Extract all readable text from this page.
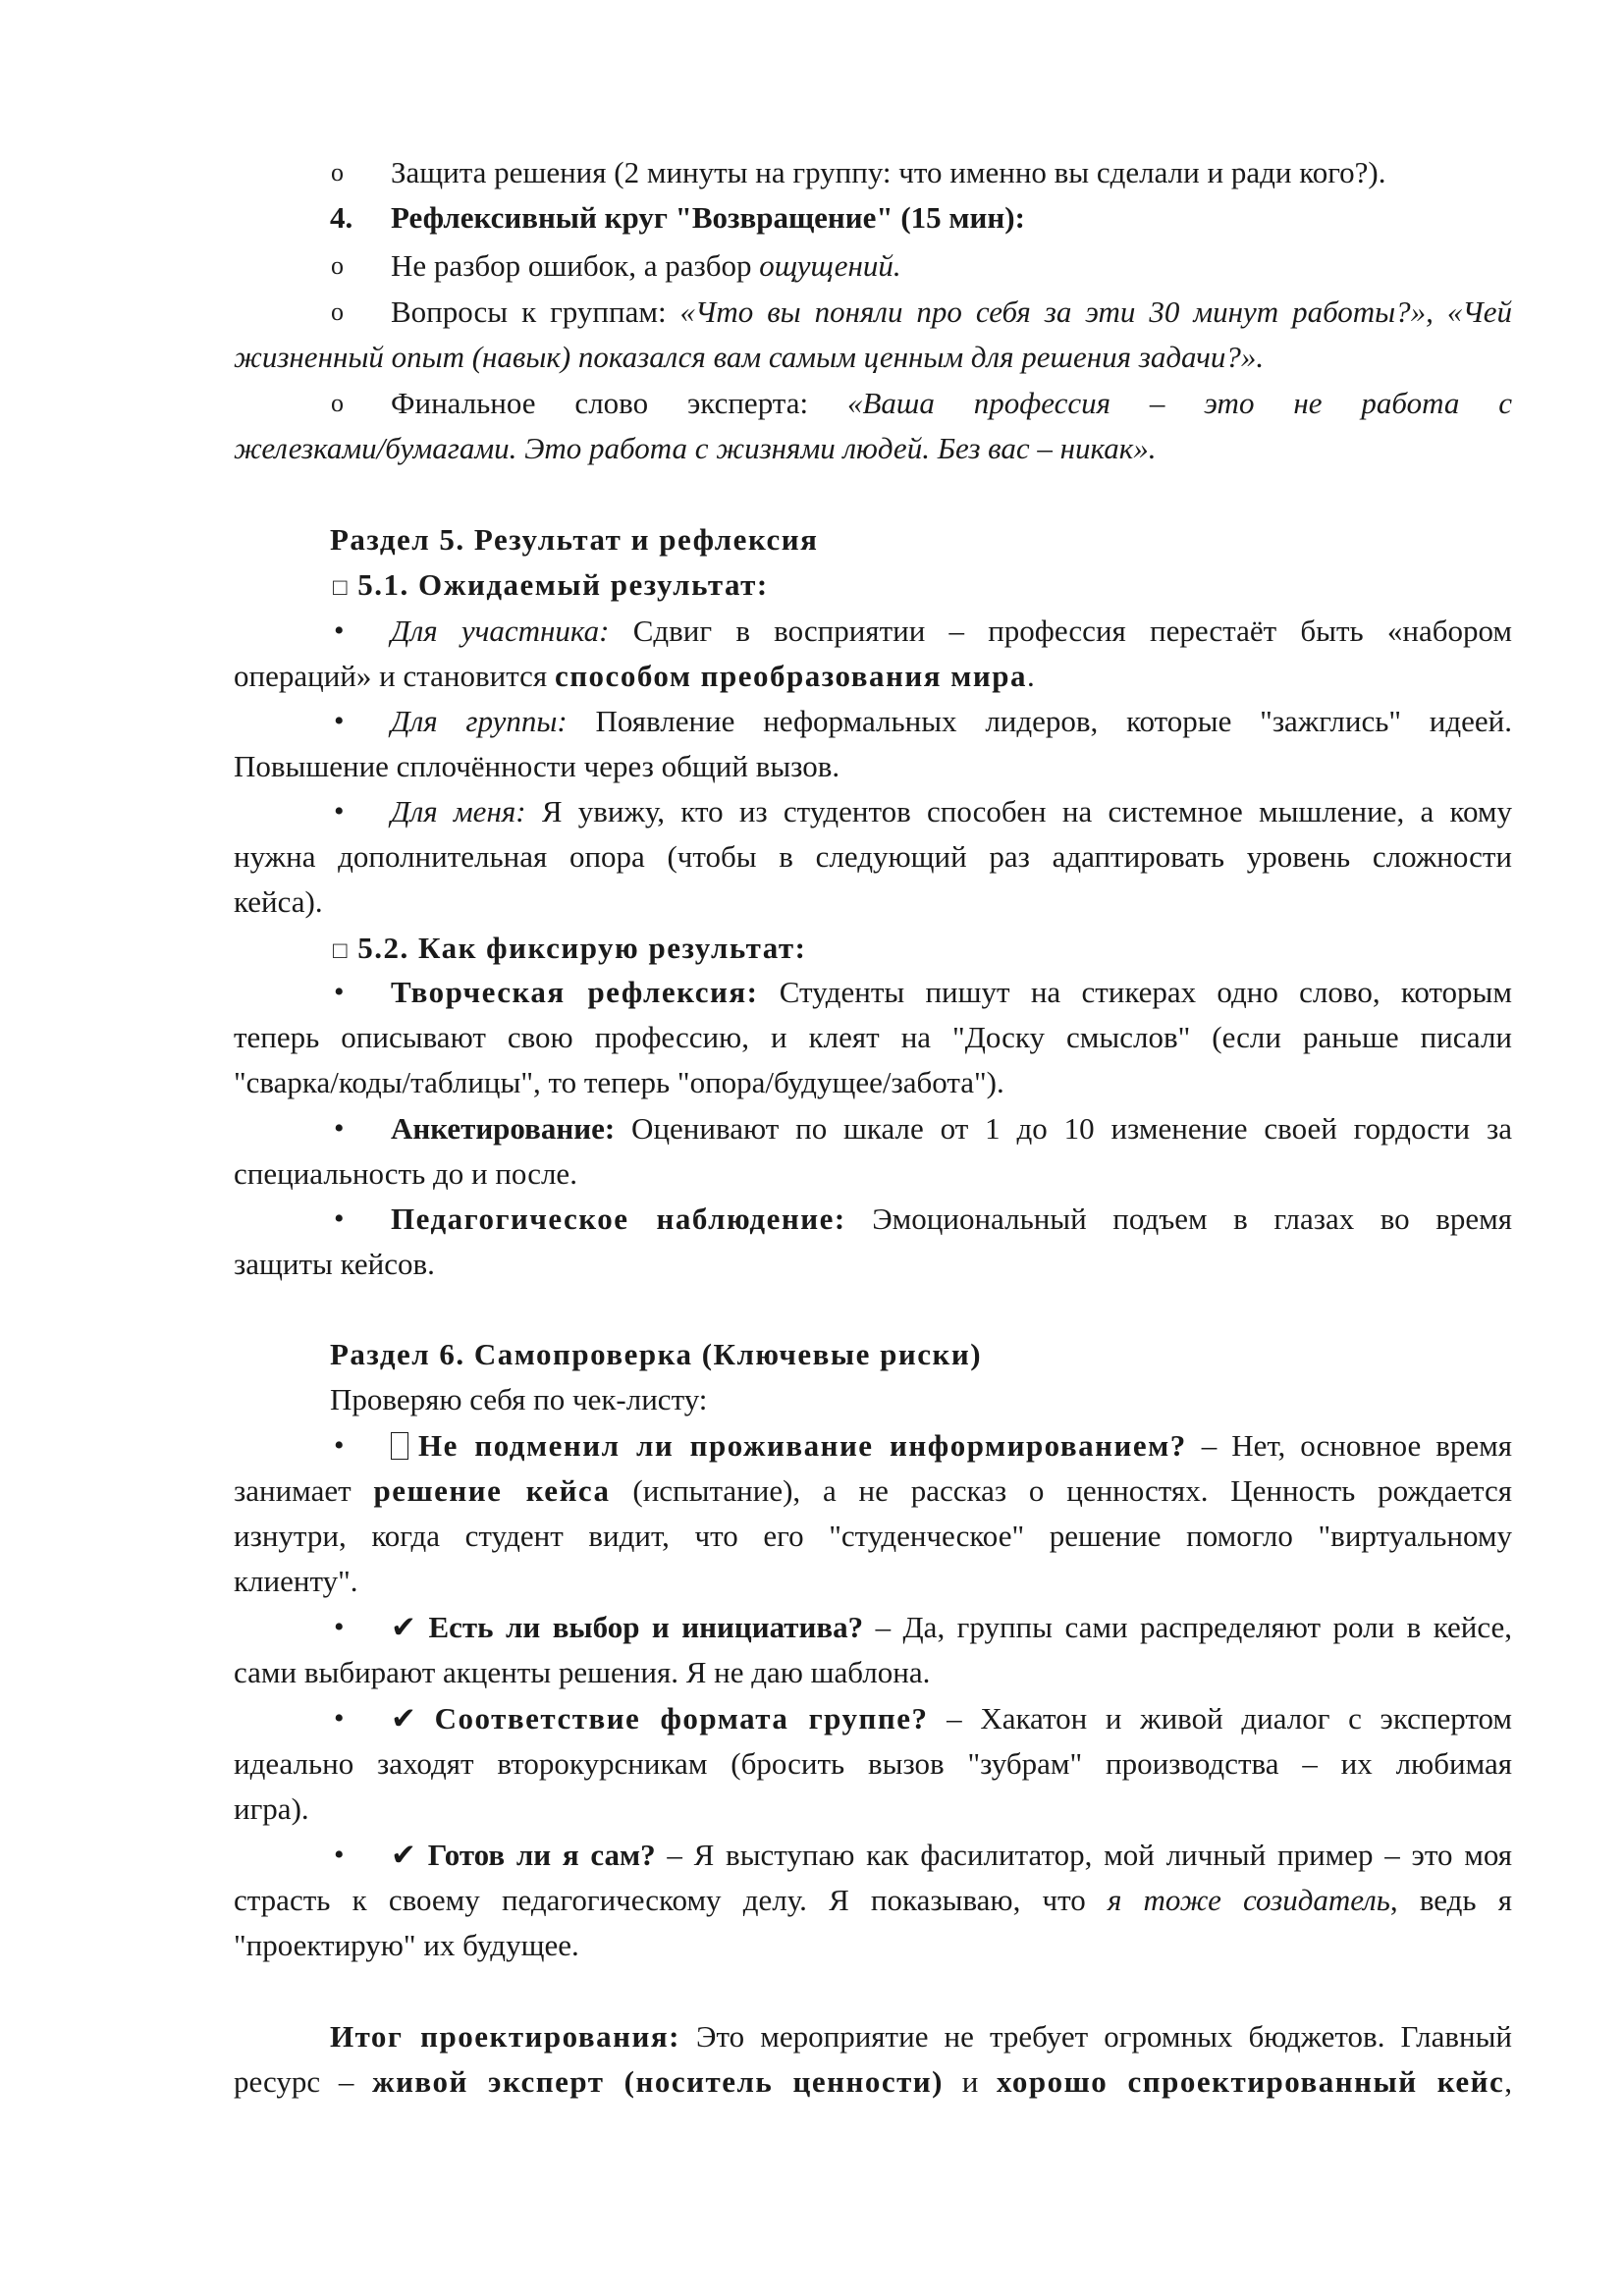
o Защита решения (2 минуты на группу: что именно вы сделали и ради кого?).
4. Рефлексивный круг "Возвращение" (15 мин):
o Не разбор ошибок, а разбор ощущений.
o Вопросы к группам: «Что вы поняли про себя за эти 30 минут работы?», «Чей
жизненный опыт (навык) показался вам самым ценным для решения задачи?».
o Финальное слово эксперта: «Ваша профессия – это не работа с
железками/бумагами. Это работа с жизнями людей. Без вас – никак».
Раздел 5. Результат и рефлексия
□ 5.1. Ожидаемый результат:
• Для участника: Сдвиг в восприятии – профессия перестаёт быть «набором
операций» и становится способом преобразования мира.
• Для группы: Появление неформальных лидеров, которые "зажглись" идеей.
Повышение сплочённости через общий вызов.
• Для меня: Я увижу, кто из студентов способен на системное мышление, а кому
нужна дополнительная опора (чтобы в следующий раз адаптировать уровень сложности
кейса).
□ 5.2. Как фиксирую результат:
• Творческая рефлексия: Студенты пишут на стикерах одно слово, которым
теперь описывают свою профессию, и клеят на "Доску смыслов" (если раньше писали
"сварка/коды/таблицы", то теперь "опора/будущее/забота").
• Анкетирование: Оценивают по шкале от 1 до 10 изменение своей гордости за
специальность до и после.
• Педагогическое наблюдение: Эмоциональный подъем в глазах во время
защиты кейсов.
Раздел 6. Самопроверка (Ключевые риски)
Проверяю себя по чек-листу:
•	Не подменил ли проживание информированием? – Нет, основное время
занимает решение кейса (испытание), а не рассказ о ценностях. Ценность рождается
изнутри, когда студент видит, что его "студенческое" решение помогло "виртуальному
клиенту".
• ✔ Есть ли выбор и инициатива? – Да, группы сами распределяют роли в кейсе,
сами выбирают акценты решения. Я не даю шаблона.
• ✔ Соответствие формата группе? – Хакатон и живой диалог с экспертом
идеально заходят второкурсникам (бросить вызов "зубрам" производства – их любимая
игра).
• ✔ Готов ли я сам? – Я выступаю как фасилитатор, мой личный пример – это моя
страсть к своему педагогическому делу. Я показываю, что я тоже созидатель, ведь я
"проектирую" их будущее.
Итог проектирования: Это мероприятие не требует огромных бюджетов. Главный
ресурс – живой эксперт (носитель ценности) и хорошо спроектированный кейс,
